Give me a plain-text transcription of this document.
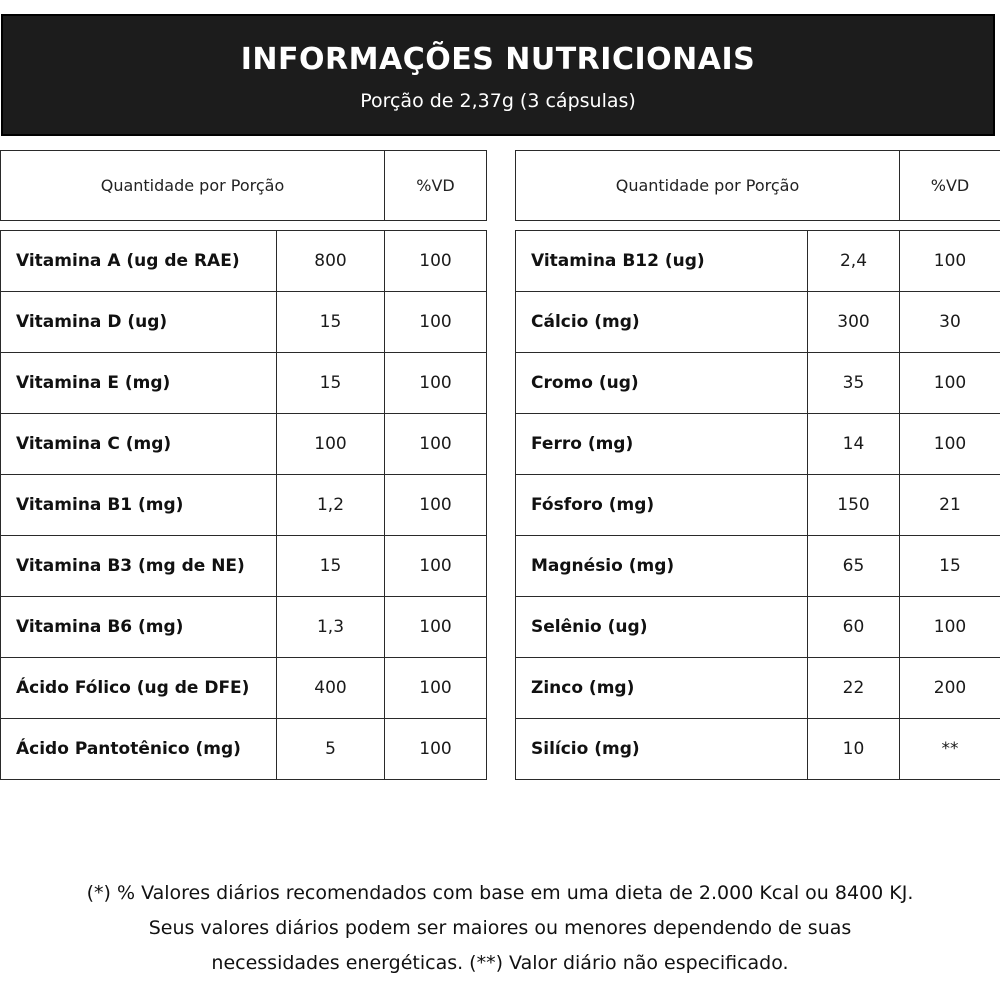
INFORMAÇÕES NUTRICIONAIS
Porção de 2,37g (3 cápsulas)
Quantidade por Porção	%VD	Quantidade por Porção	%VD
Vitamina A (ug de RAE)	800	100
Vitamina D (ug)	15	100
Vitamina E (mg)	15	100
Vitamina C (mg)	100	100
Vitamina B1 (mg)	1,2	100
Vitamina B3 (mg de NE)	15	100
Vitamina B6 (mg)	1,3	100
Ácido Fólico (ug de DFE)	400	100
Ácido Pantotênico (mg)	5	100
Vitamina B12 (ug)	2,4	100
Cálcio (mg)	300	30
Cromo (ug)	35	100
Ferro (mg)	14	100
Fósforo (mg)	150	21
Magnésio (mg)	65	15
Selênio (ug)	60	100
Zinco (mg)	22	200
Silício (mg)	10	**
(*) % Valores diários recomendados com base em uma dieta de 2.000 Kcal ou 8400 KJ.
Seus valores diários podem ser maiores ou menores dependendo de suas
necessidades energéticas. (**) Valor diário não especificado.
